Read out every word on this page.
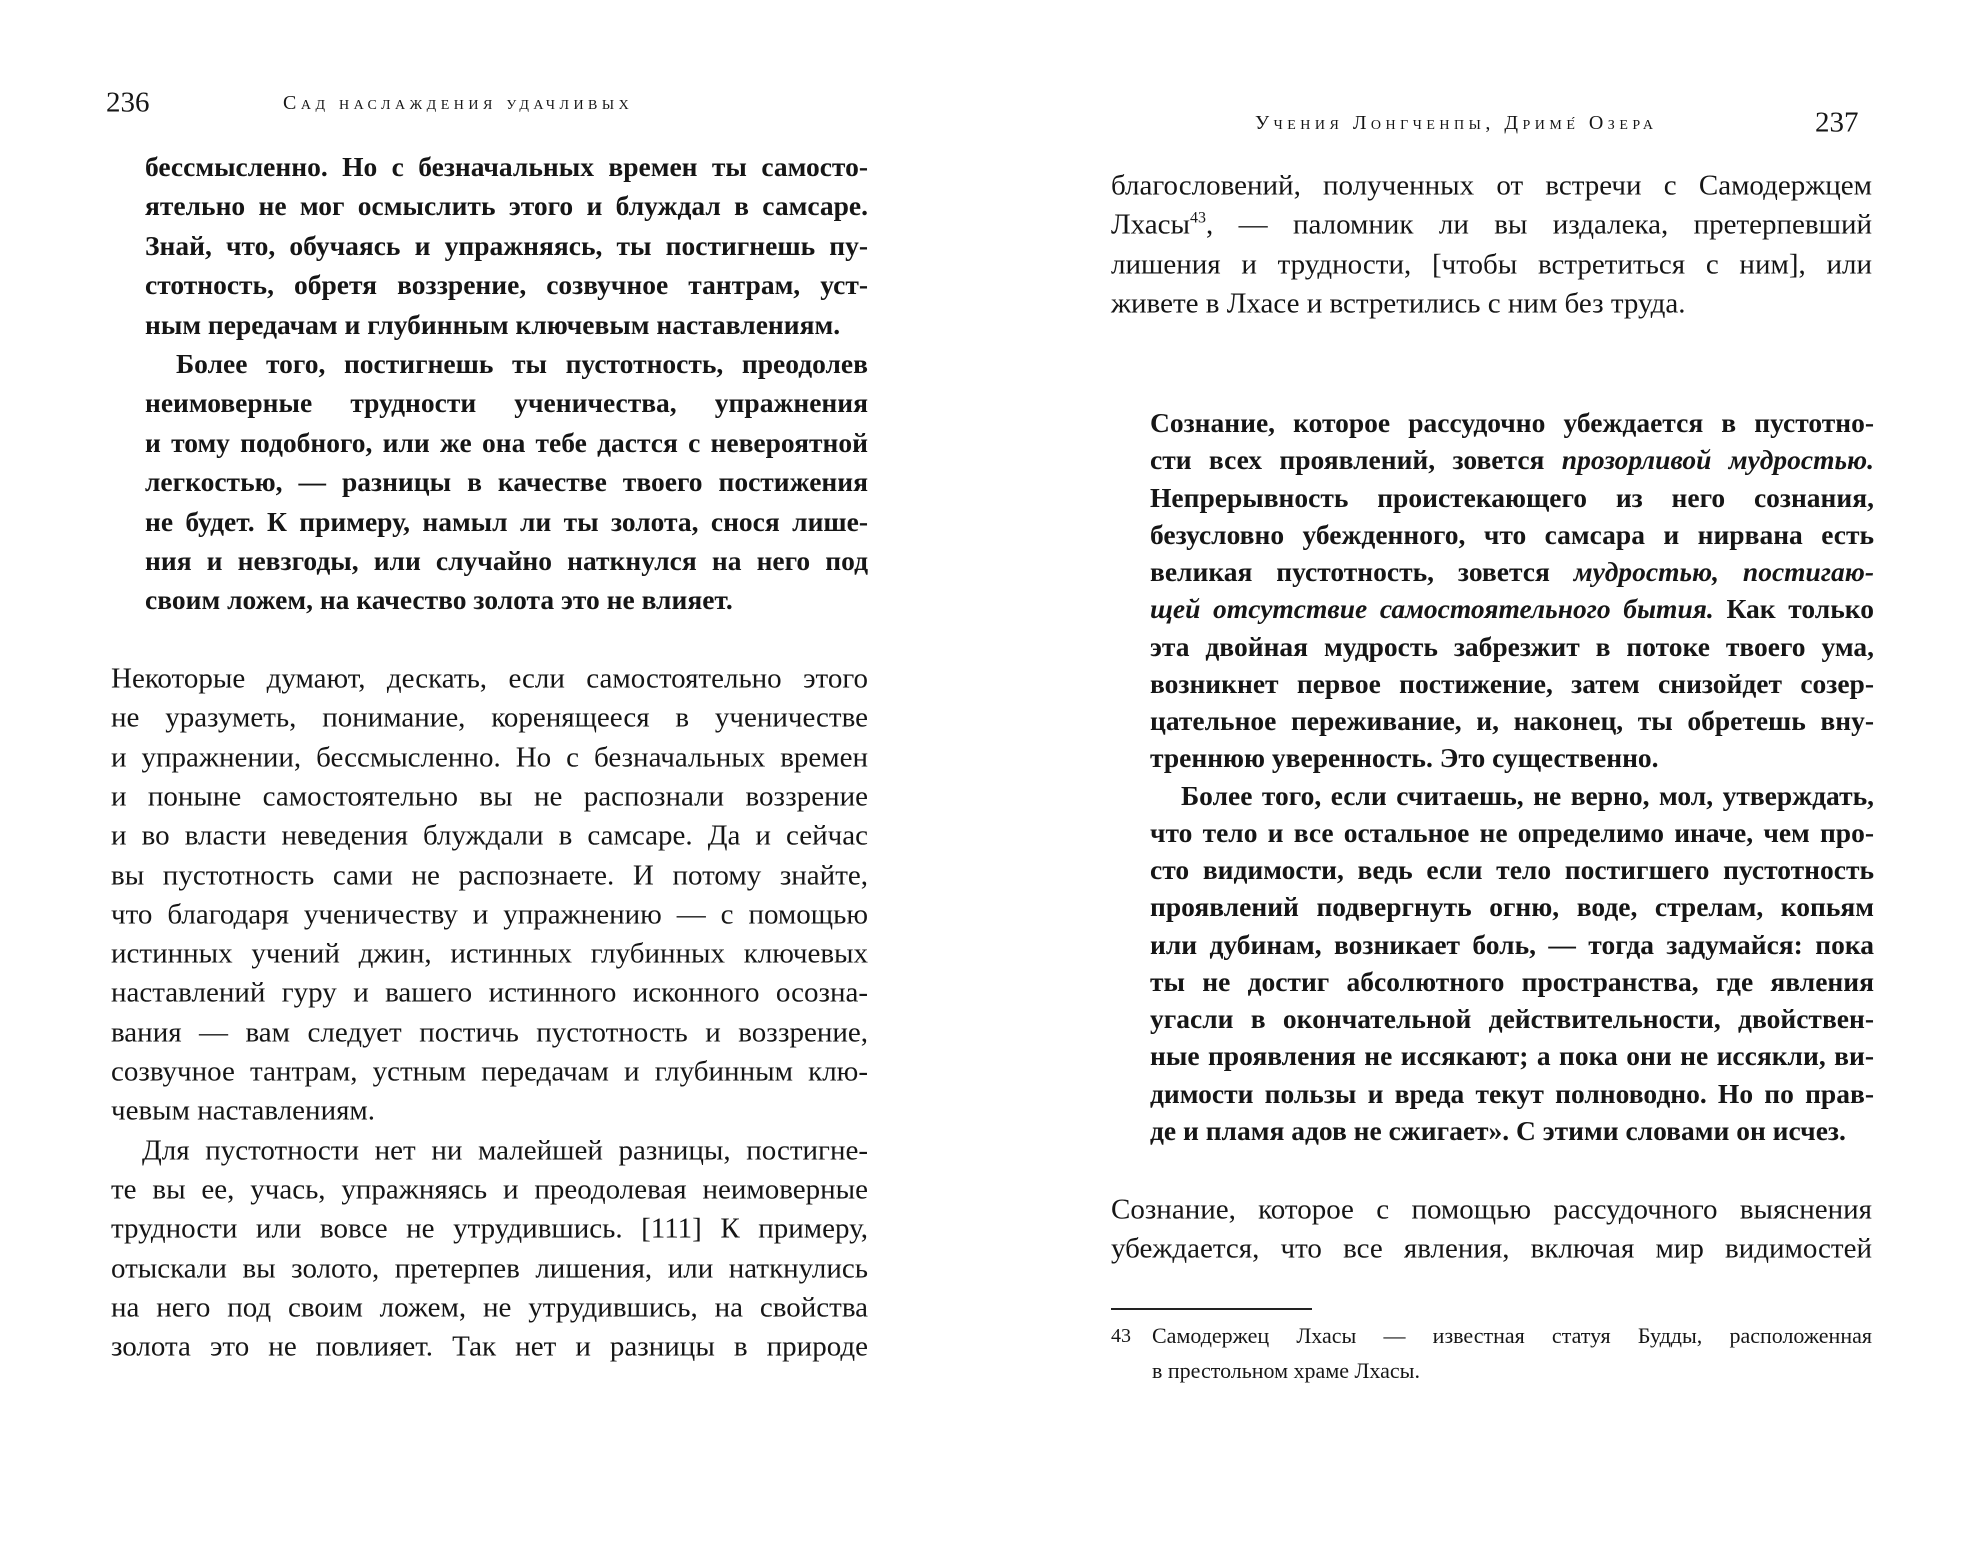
236	Сад наслаждения удачливых
бессмысленно. Но с безначальных времен ты самосто-
ятельно не мог осмыслить этого и блуждал в самсаре.
Знай, что, обучаясь и упражняясь, ты постигнешь пу-
стотность, обретя воззрение, созвучное тантрам, уст-
ным передачам и глубинным ключевым наставлениям.
Более того, постигнешь ты пустотность, преодолев
неимоверные трудности ученичества, упражнения
и тому подобного, или же она тебе дастся с невероятной
легкостью, — разницы в качестве твоего постижения
не будет. К примеру, намыл ли ты золота, снося лише-
ния и невзгоды, или случайно наткнулся на него под
своим ложем, на качество золота это не влияет.
Некоторые думают, дескать, если самостоятельно этого
не уразуметь, понимание, коренящееся в ученичестве
и упражнении, бессмысленно. Но с безначальных времен
и поныне самостоятельно вы не распознали воззрение
и во власти неведения блуждали в самсаре. Да и сейчас
вы пустотность сами не распознаете. И потому знайте,
что благодаря ученичеству и упражнению — с помощью
истинных учений джин, истинных глубинных ключевых
наставлений гуру и вашего истинного исконного осозна-
вания — вам следует постичь пустотность и воззрение,
созвучное тантрам, устным передачам и глубинным клю-
чевым наставлениям.
Для пустотности нет ни малейшей разницы, постигне-
те вы ее, учась, упражняясь и преодолевая неимоверные
трудности или вовсе не утрудившись. [111] К примеру,
отыскали вы золото, претерпев лишения, или наткнулись
на него под своим ложем, не утрудившись, на свойства
золота это не повлияет. Так нет и разницы в природе
Учения Лонгченпы, Дриме́ Озера	237
благословений, полученных от встречи с Самодержцем
Лхасы$^{43}$, — паломник ли вы издалека, претерпевший
лишения и трудности, [чтобы встретиться с ним], или
живете в Лхасе и встретились с ним без труда.
Сознание, которое рассудочно убеждается в пустотно-
сти всех проявлений, зовется прозорливой мудростью.
Непрерывность проистекающего из него сознания,
безусловно убежденного, что самсара и нирвана есть
великая пустотность, зовется мудростью, постигаю-
щей отсутствие самостоятельного бытия. Как только
эта двойная мудрость забрезжит в потоке твоего ума,
возникнет первое постижение, затем снизойдет созер-
цательное переживание, и, наконец, ты обретешь вну-
треннюю уверенность. Это существенно.
Более того, если считаешь, не верно, мол, утверждать,
что тело и все остальное не определимо иначе, чем про-
сто видимости, ведь если тело постигшего пустотность
проявлений подвергнуть огню, воде, стрелам, копьям
или дубинам, возникает боль, — тогда задумайся: пока
ты не достиг абсолютного пространства, где явления
угасли в окончательной действительности, двойствен-
ные проявления не иссякают; а пока они не иссякли, ви-
димости пользы и вреда текут полноводно. Но по прав-
де и пламя адов не сжигает». С этими словами он исчез.
Сознание, которое с помощью рассудочного выяснения
убеждается, что все явления, включая мир видимостей
43 Самодержец Лхасы — известная статуя Будды, расположенная
в престольном храме Лхасы.
